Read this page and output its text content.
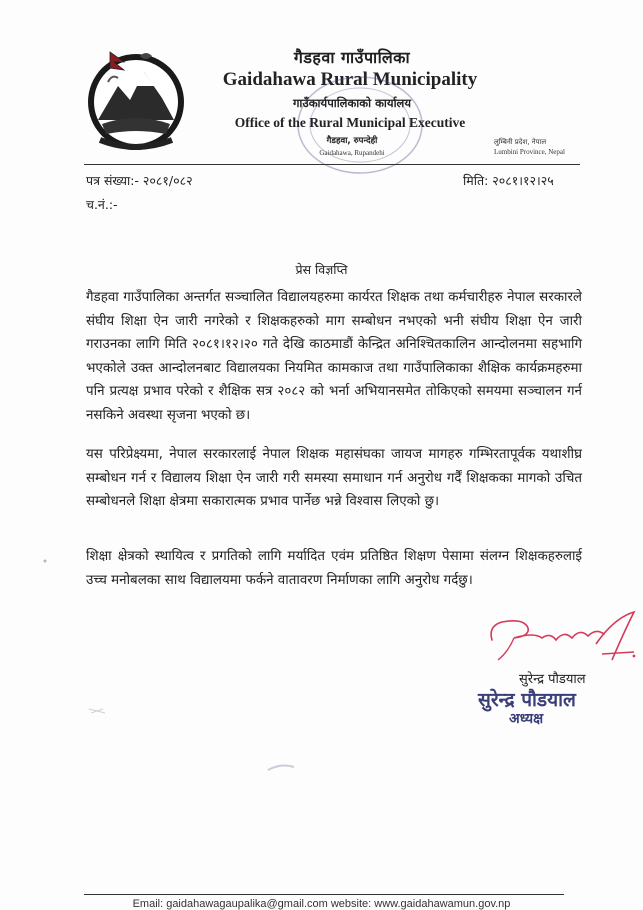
गैडहवा गाउँपालिका
Gaidahawa Rural Municipality
गाउँकार्यपालिकाको कार्यालय
Office of the Rural Municipal Executive
गैडहवा, रुपन्देही
Gaidahawa, Rupandehi
लुम्बिनी प्रदेश, नेपाल
Lumbini Province, Nepal
पत्र संख्या:- २०८१/०८२	मिति: २०८१।१२।२५
च.नं.:-
प्रेस विज्ञप्ति

गैडहवा गाउँपालिका अन्तर्गत सञ्चालित विद्यालयहरुमा कार्यरत शिक्षक तथा कर्मचारीहरु नेपाल सरकारले संघीय शिक्षा ऐन जारी नगरेको र शिक्षकहरुको माग सम्बोधन नभएको भनी संघीय शिक्षा ऐन जारी गराउनका लागि मिति २०८१।१२।२० गते देखि काठमाडौं केन्द्रित अनिश्चितकालिन आन्दोलनमा सहभागि भएकोले उक्त आन्दोलनबाट विद्यालयका नियमित कामकाज तथा गाउँपालिकाका शैक्षिक कार्यक्रमहरुमा पनि प्रत्यक्ष प्रभाव परेको र शैक्षिक सत्र २०८२ को भर्ना अभियानसमेत तोकिएको समयमा सञ्चालन गर्न नसकिने अवस्था सृजना भएको छ।

यस परिप्रेक्ष्यमा, नेपाल सरकारलाई नेपाल शिक्षक महासंघका जायज मागहरु गम्भिरतापूर्वक यथाशीघ्र सम्बोधन गर्न र विद्यालय शिक्षा ऐन जारी गरी समस्या समाधान गर्न अनुरोध गर्दैं शिक्षकका मागको उचित सम्बोधनले शिक्षा क्षेत्रमा सकारात्मक प्रभाव पार्नेछ भन्ने विश्वास लिएको छु।

शिक्षा क्षेत्रको स्थायित्व र प्रगतिको लागि मर्यादित एवंम प्रतिष्ठित शिक्षण पेसामा संलग्न शिक्षकहरुलाई उच्च मनोबलका साथ विद्यालयमा फर्कने वातावरण निर्माणका लागि अनुरोध गर्दछु।

सुरेन्द्र पौडयाल
सुरेन्द्र पौडयाल
अध्यक्ष
Email: gaidahawagaupalika@gmail.com website: www.gaidahawamun.gov.np
